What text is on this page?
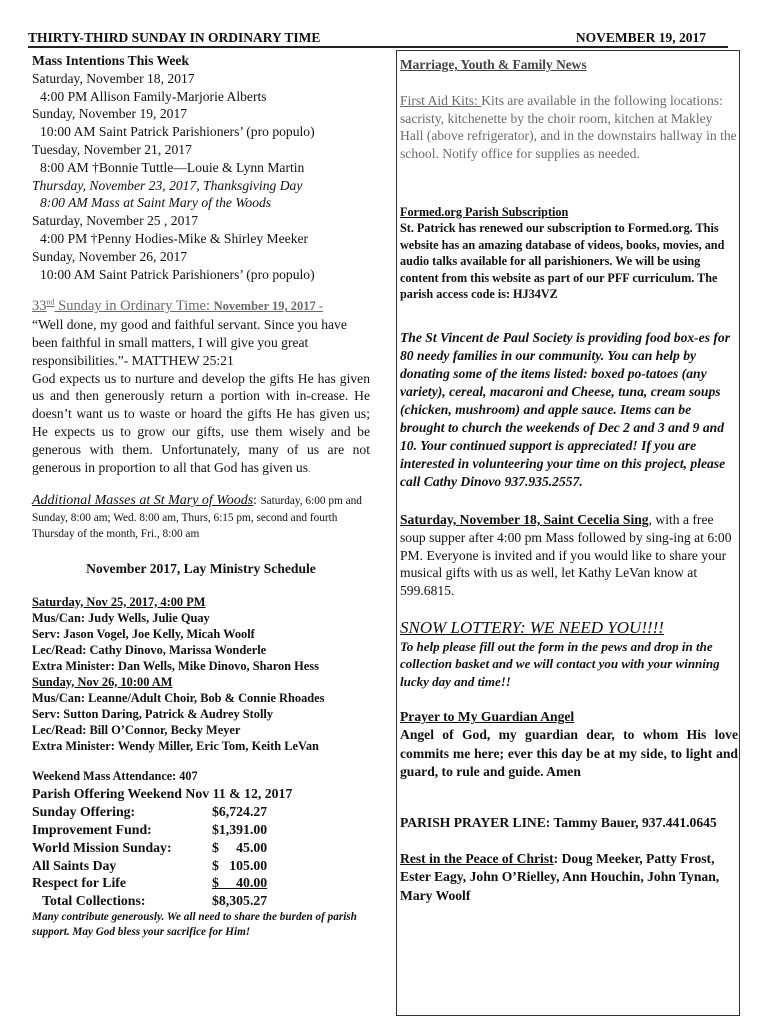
THIRTY-THIRD SUNDAY IN ORDINARY TIME	NOVEMBER 19, 2017

Mass Intentions This Week

Saturday, November 18, 2017

4:00 PM Allison Family-Marjorie Alberts

Sunday, November 19, 2017

10:00 AM Saint Patrick Parishioners’ (pro populo)

Tuesday, November 21, 2017

8:00 AM †Bonnie Tuttle—Louie & Lynn Martin

Thursday, November 23, 2017, Thanksgiving Day

8:00 AM Mass at Saint Mary of the Woods

Saturday, November 25 , 2017

4:00 PM †Penny Hodies-Mike & Shirley Meeker

Sunday, November 26, 2017

10:00 AM Saint Patrick Parishioners’ (pro populo)

33nd Sunday in Ordinary Time: November 19, 2017 -

“Well done, my good and faithful servant. Since you have been faithful in small matters, I will give you great responsibilities.”- MATTHEW 25:21

God expects us to nurture and develop the gifts He has given us and then generously return a portion with in-crease. He doesn’t want us to waste or hoard the gifts He has given us; He expects us to grow our gifts, use them wisely and be generous with them. Unfortunately, many of us are not generous in proportion to all that God has given us.

Additional Masses at St Mary of Woods: Saturday, 6:00 pm and Sunday, 8:00 am; Wed. 8:00 am, Thurs, 6:15 pm, second and fourth Thursday of the month, Fri., 8:00 am

November 2017, Lay Ministry Schedule

Saturday, Nov 25, 2017, 4:00 PM

Mus/Can: Judy Wells, Julie Quay

Serv: Jason Vogel, Joe Kelly, Micah Woolf

Lec/Read: Cathy Dinovo, Marissa Wonderle

Extra Minister: Dan Wells, Mike Dinovo, Sharon Hess

Sunday, Nov 26, 10:00 AM

Mus/Can: Leanne/Adult Choir, Bob & Connie Rhoades

Serv: Sutton Daring, Patrick & Audrey Stolly

Lec/Read: Bill O’Connor, Becky Meyer

Extra Minister: Wendy Miller, Eric Tom, Keith LeVan

Weekend Mass Attendance: 407

Parish Offering Weekend Nov 11 & 12, 2017

Sunday Offering:	$6,724.27
Improvement Fund:	$1,391.00
World Mission Sunday:	$     45.00
All Saints Day	$   105.00
Respect for Life	$     40.00
Total Collections:	$8,305.27

Many contribute generously. We all need to share the burden of parish support. May God bless your sacrifice for Him!

Marriage, Youth & Family News

First Aid Kits: Kits are available in the following locations: sacristy, kitchenette by the choir room, kitchen at Makley Hall (above refrigerator), and in the downstairs hallway in the school. Notify office for supplies as needed.

Formed.org Parish Subscription

St. Patrick has renewed our subscription to Formed.org. This website has an amazing database of videos, books, movies, and audio talks available for all parishioners. We will be using content from this website as part of our PFF curriculum. The parish access code is: HJ34VZ

The St Vincent de Paul Society is providing food box-es for 80 needy families in our community. You can help by donating some of the items listed: boxed po-tatoes (any variety), cereal, macaroni and Cheese, tuna, cream soups (chicken, mushroom) and apple sauce. Items can be brought to church the weekends of Dec 2 and 3 and 9 and 10. Your continued support is appreciated! If you are interested in volunteering your time on this project, please call Cathy Dinovo 937.935.2557.

Saturday, November 18, Saint Cecelia Sing, with a free soup supper after 4:00 pm Mass followed by sing-ing at 6:00 PM. Everyone is invited and if you would like to share your musical gifts with us as well, let Kathy LeVan know at 599.6815.

SNOW LOTTERY: WE NEED YOU!!!!

To help please fill out the form in the pews and drop in the collection basket and we will contact you with your winning lucky day and time!!

Prayer to My Guardian Angel

Angel of God, my guardian dear, to whom His love commits me here; ever this day be at my side, to light and guard, to rule and guide. Amen

PARISH PRAYER LINE: Tammy Bauer, 937.441.0645

Rest in the Peace of Christ: Doug Meeker, Patty Frost, Ester Eagy, John O’Rielley, Ann Houchin, John Tynan, Mary Woolf
